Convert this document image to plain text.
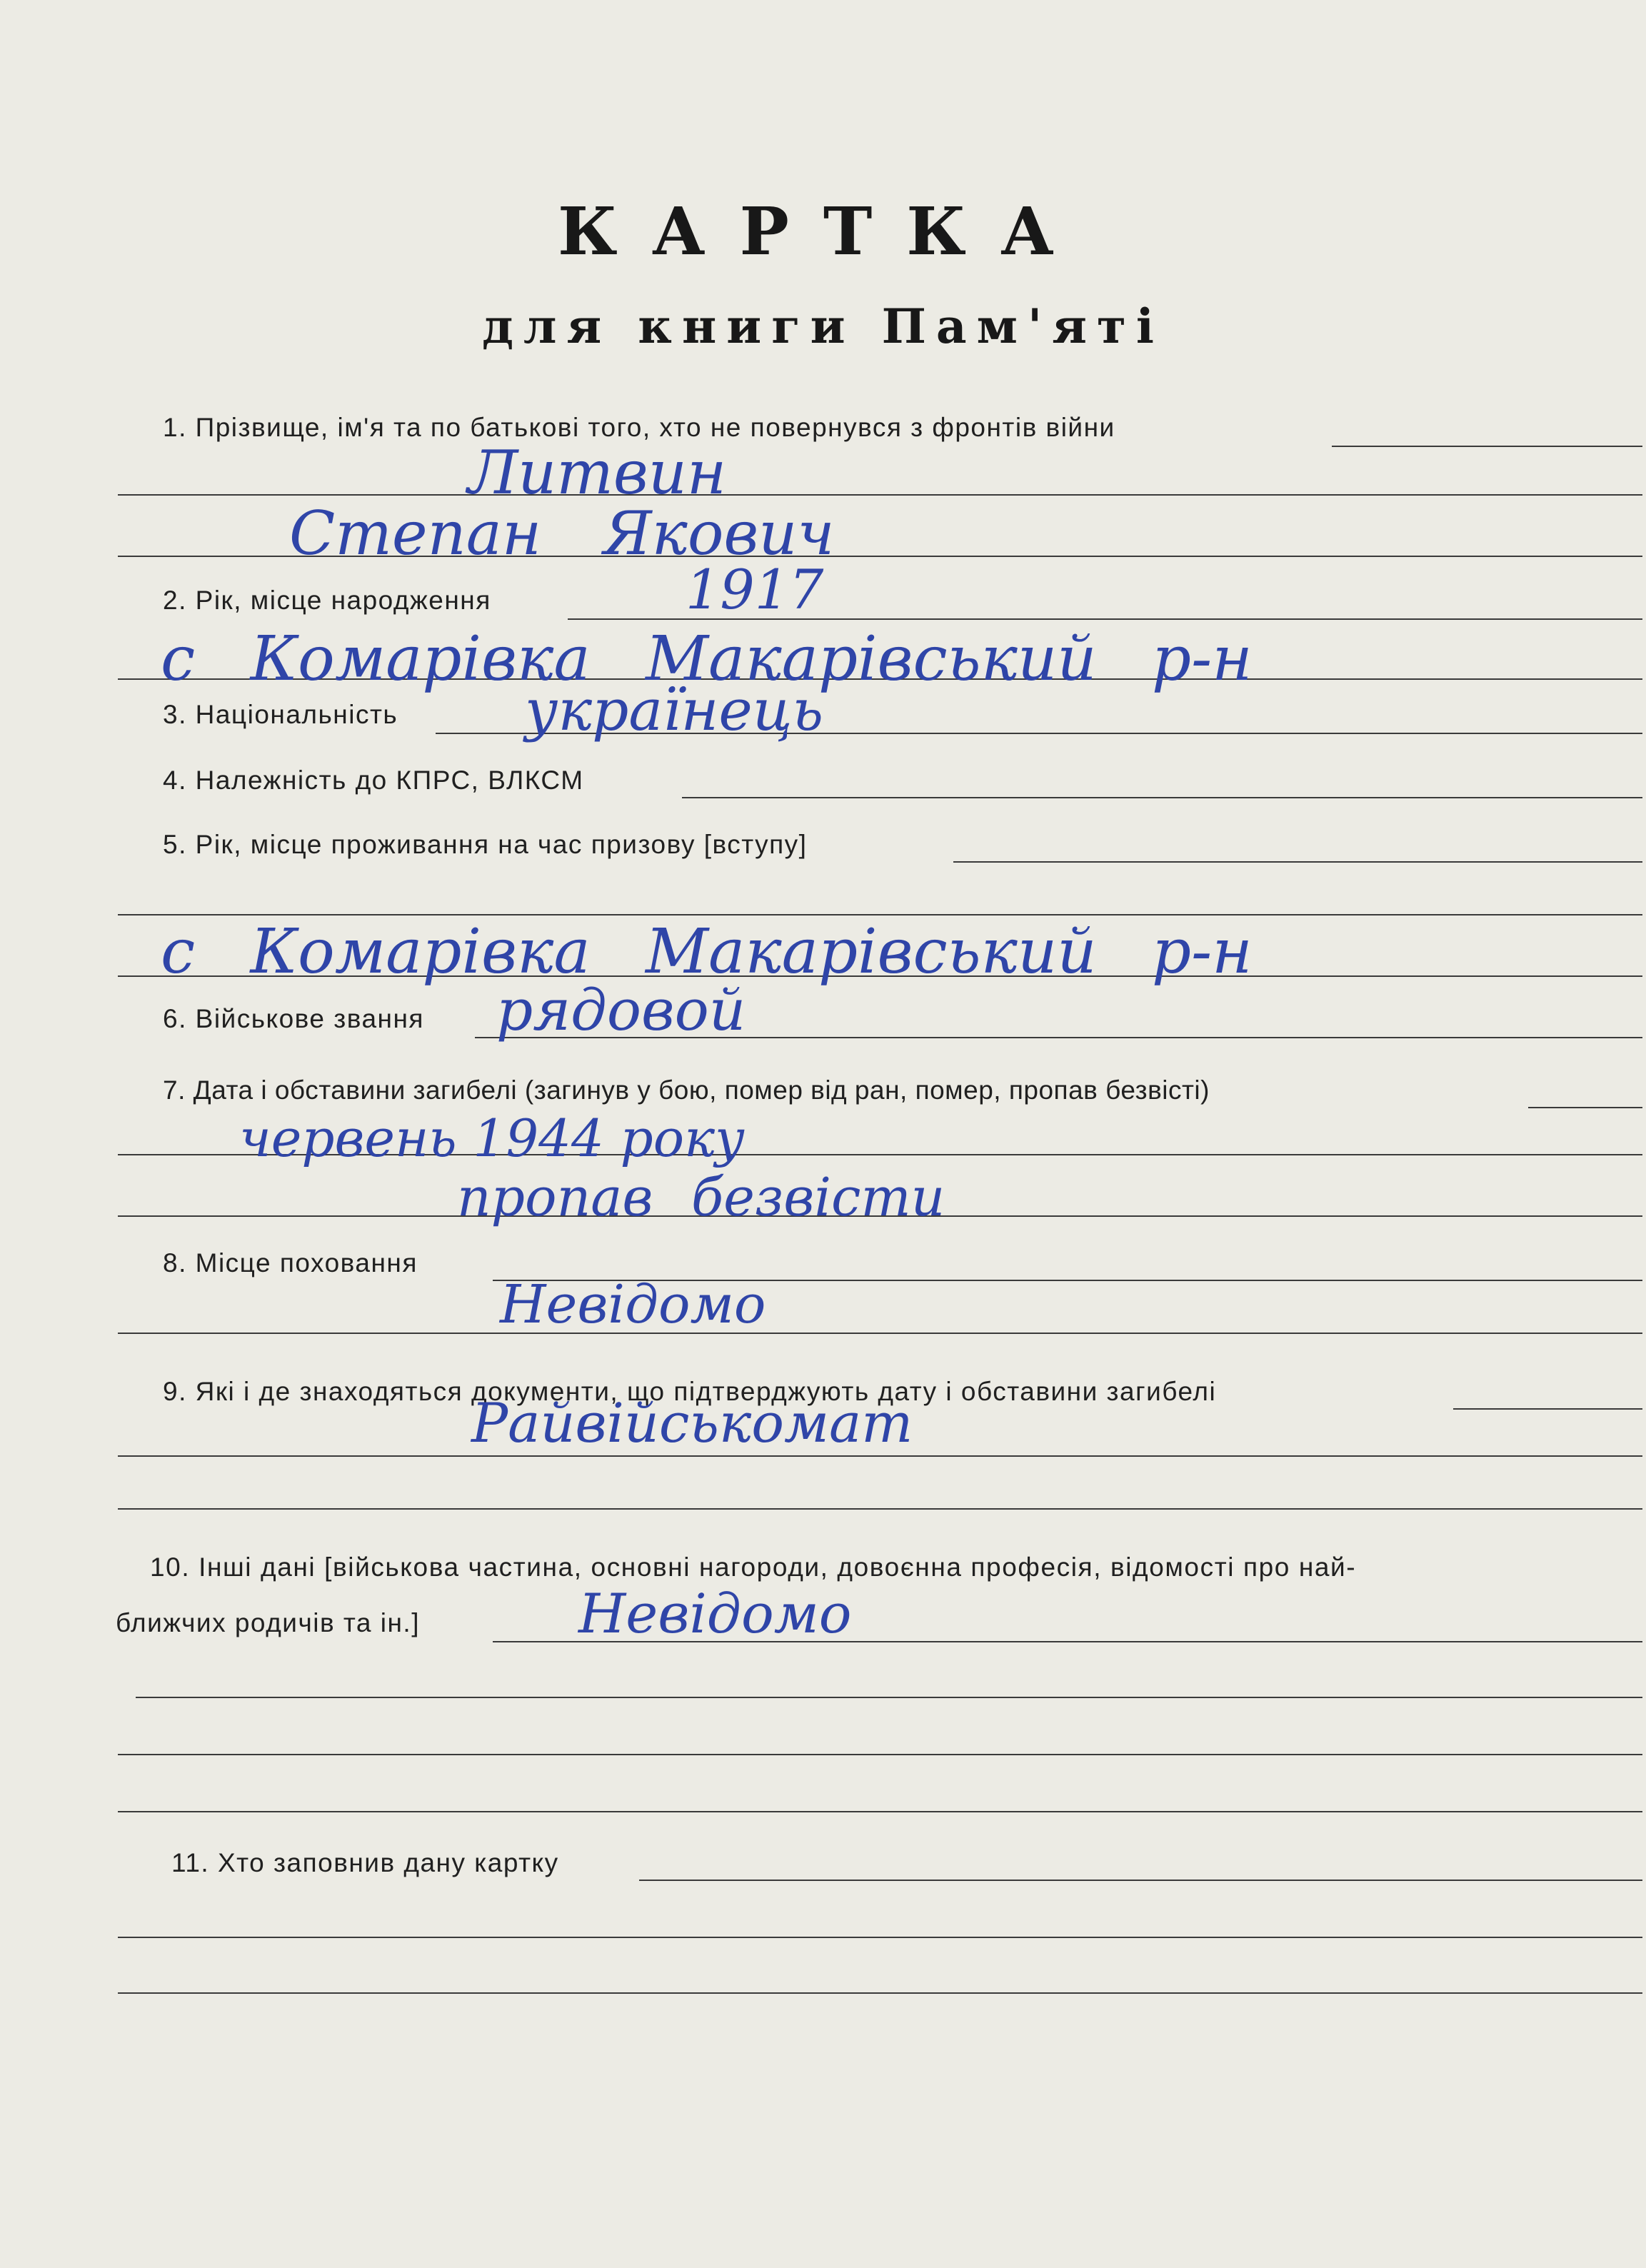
КАРТКА
для книги Пам'яті
1. Прізвище, ім'я та по батькові того, хто не повернувся з фронтів війни
Литвин
Степан Якович
2. Рік, місце народження	1917
с Комарівка Макарівський р-н
3. Національність українець
4. Належність до КПРС, ВЛКСМ
5. Рік, місце проживання на час призову [вступу]
с Комарівка Макарівський р-н
6. Військове звання рядовой
7. Дата і обставини загибелі (загинув у бою, помер від ран, помер, пропав безвісті)
червень 1944 року
пропав безвісти
8. Місце поховання
Невідомо
9. Які і де знаходяться документи, що підтверджують дату і обставини загибелі
Райвійськомат
10. Інші дані [військова частина, основні нагороди, довоєнна професія, відомості про най-
ближчих родичів та ін.]	Невідомо
11. Хто заповнив дану картку
